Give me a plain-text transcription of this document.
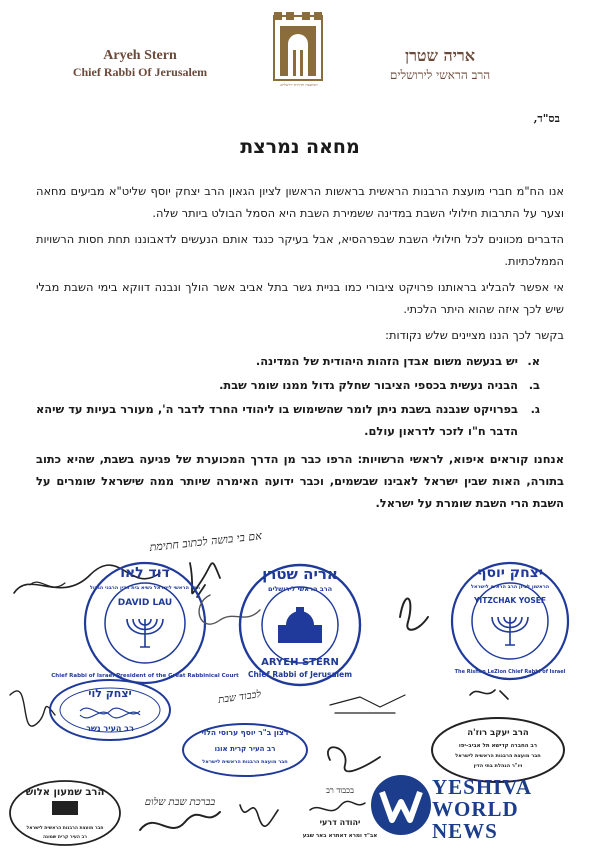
Aryeh Stern
Chief Rabbi Of Jerusalem
המועצה הדתית ירושלים
אריה שטרן
הרב הראשי לירושלים
בס"ד,
מחאה נמרצת

אנו הח"מ חברי מועצת הרבנות הראשית בראשות הראשון לציון הגאון הרב יצחק יוסף שליט"א מביעים מחאה וצער על התרבות חילולי השבת במדינה ששמירת השבת היא הסמל הבולט ביותר שלה.

הדברים מכוונים לכל חילולי השבת שבפרהסיא, אבל בעיקר כנגד אותם הנעשים לדאבוננו תחת חסות הרשויות הממלכתיות.

אי אפשר להבליג בראותנו פרויקט ציבורי כמו בניית גשר בתל אביב אשר הולך ונבנה דווקא בימי השבת מבלי שיש לכך איזה שהוא היתר הלכתי.

בקשר לכך הננו מציינים שלש נקודות:

א.
יש בנעשה משום אבדן הזהות היהודית של המדינה.
ב.
הבניה נעשית בכספי הציבור שחלק גדול ממנו שומר שבת.
ג.
בפרויקט שנבנה בשבת ניתן לומר שהשימוש בו ליהודי החרד לדבר ה', מעורר בעיות עד שיהא הדבר ח"ו לזכר לדראון עולם.

אנחנו קוראים איפוא, לראשי הרשויות: הרפו כבר מן הדרך המכוערת של פגיעה בשבת, שהיא כתוב בתורה, האות שבין ישראל לאבינו שבשמים, וכבר ידועה האימרה שיותר ממה שישראל שומרים על השבת הרי השבת שומרת על ישראל.

אם בי בושה לכתוב חתימת
דוד לאו
DAVID LAU
Chief Rabbi of Israel President of the Great Rabbinical Court
הרב הראשי לישראל נשיא בית הדין הרבני הגדול
אריה שטרן
הרב הראשי לירושלים
ARYEH STERN
Chief Rabbi of Jerusalem
יצחק יוסף
YITZCHAK YOSEF
The Rishon LeZion Chief Rabbi of Israel
הראשון לציון הרב הראשי לישראל
יצחק לוי
רב העיר נשר
לכבוד שבת
רצון ב"ר יוסף ערוסי הלוי
רב העיר קרית אונו
חבר מועצת הרבנות הראשית לישראל
הרב יעקב רוז'ה
רב החברה קדישא תל אביב-יפו
חבר מועצת הרבנות הראשית לישראל
ויו"ר הנהלת בתי הדין
הרב שמעון אלוש
חבר מועצת הרבנות הראשית לישראל
רב העיר קרית שמונה
בברכת שבת שלום
בכבוד רב
יהודה דרעי
אב"ד ומרא דאתרא באר שבע
YESHIVA
WORLD
NEWS
